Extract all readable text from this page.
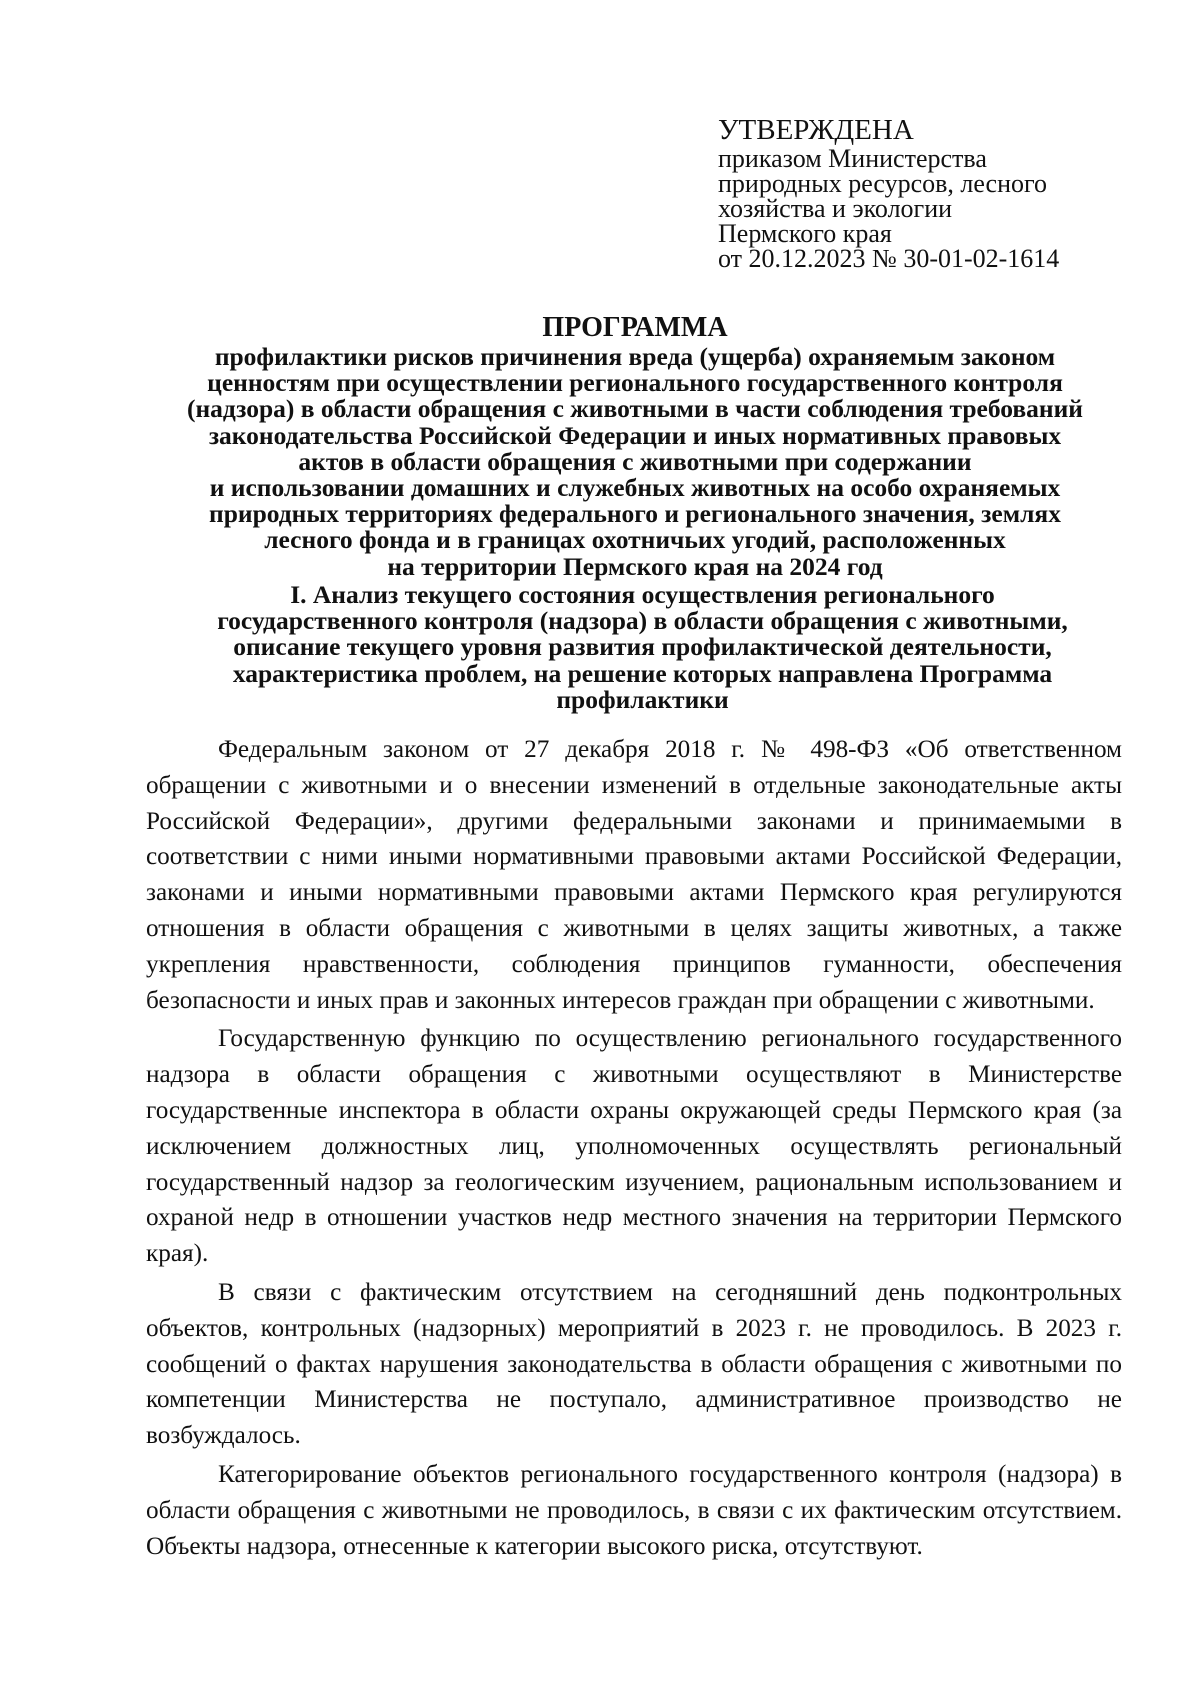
УТВЕРЖДЕНА
приказом Министерства
природных ресурсов, лесного
хозяйства и экологии
Пермского края
от 20.12.2023 № 30-01-02-1614
ПРОГРАММА
профилактики рисков причинения вреда (ущерба) охраняемым законом
ценностям при осуществлении регионального государственного контроля
(надзора) в области обращения с животными в части соблюдения требований
законодательства Российской Федерации и иных нормативных правовых
актов в области обращения с животными при содержании
и использовании домашних и служебных животных на особо охраняемых
природных территориях федерального и регионального значения, землях
лесного фонда и в границах охотничьих угодий, расположенных
на территории Пермского края на 2024 год
I. Анализ текущего состояния осуществления регионального
государственного контроля (надзора) в области обращения с животными,
описание текущего уровня развития профилактической деятельности,
характеристика проблем, на решение которых направлена Программа
профилактики

Федеральным законом от 27 декабря 2018 г. № 498-ФЗ «Об ответственном обращении с животными и о внесении изменений в отдельные законодательные акты Российской Федерации», другими федеральными законами и принимаемыми в соответствии с ними иными нормативными правовыми актами Российской Федерации, законами и иными нормативными правовыми актами Пермского края регулируются отношения в области обращения с животными в целях защиты животных, а также укрепления нравственности, соблюдения принципов гуманности, обеспечения безопасности и иных прав и законных интересов граждан при обращении с животными.

Государственную функцию по осуществлению регионального государственного надзора в области обращения с животными осуществляют в Министерстве государственные инспектора в области охраны окружающей среды Пермского края (за исключением должностных лиц, уполномоченных осуществлять региональный государственный надзор за геологическим изучением, рациональным использованием и охраной недр в отношении участков недр местного значения на территории Пермского края).

В связи с фактическим отсутствием на сегодняшний день подконтрольных объектов, контрольных (надзорных) мероприятий в 2023 г. не проводилось. В 2023 г. сообщений о фактах нарушения законодательства в области обращения с животными по компетенции Министерства не поступало, административное производство не возбуждалось.

Категорирование объектов регионального государственного контроля (надзора) в области обращения с животными не проводилось, в связи с их фактическим отсутствием. Объекты надзора, отнесенные к категории высокого риска, отсутствуют.
